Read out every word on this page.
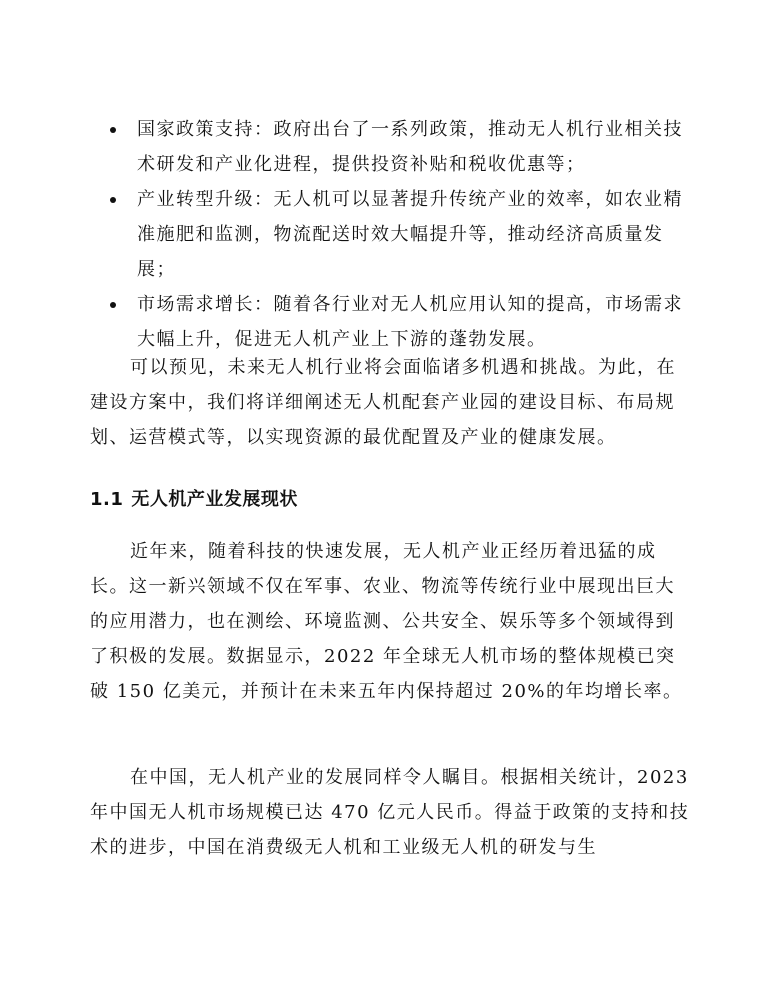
国家政策支持：政府出台了一系列政策，推动无人机行业相关技术研发和产业化进程，提供投资补贴和税收优惠等；
产业转型升级：无人机可以显著提升传统产业的效率，如农业精准施肥和监测，物流配送时效大幅提升等，推动经济高质量发展；
市场需求增长：随着各行业对无人机应用认知的提高，市场需求大幅上升，促进无人机产业上下游的蓬勃发展。

可以预见，未来无人机行业将会面临诸多机遇和挑战。为此，在建设方案中，我们将详细阐述无人机配套产业园的建设目标、布局规划、运营模式等，以实现资源的最优配置及产业的健康发展。

1.1 无人机产业发展现状

近年来，随着科技的快速发展，无人机产业正经历着迅猛的成长。这一新兴领域不仅在军事、农业、物流等传统行业中展现出巨大的应用潜力，也在测绘、环境监测、公共安全、娱乐等多个领域得到了积极的发展。数据显示，2022 年全球无人机市场的整体规模已突破 150 亿美元，并预计在未来五年内保持超过 20%的年均增长率。

在中国，无人机产业的发展同样令人瞩目。根据相关统计，2023 年中国无人机市场规模已达 470 亿元人民币。得益于政策的支持和技术的进步，中国在消费级无人机和工业级无人机的研发与生
